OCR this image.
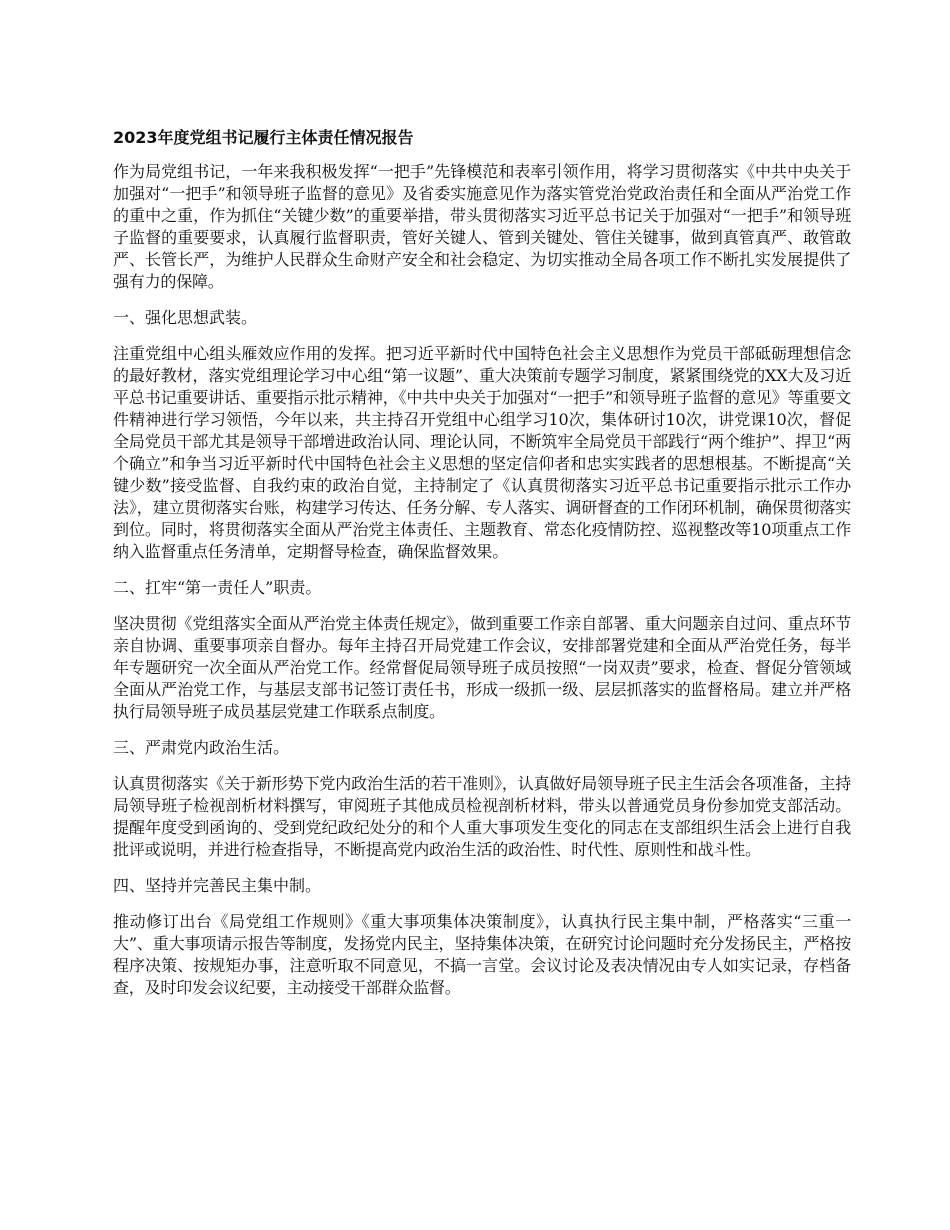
2023年度党组书记履行主体责任情况报告

作为局党组书记，一年来我积极发挥“一把手”先锋模范和表率引领作用，将学习贯彻落实《中共中央关于加强对“一把手”和领导班子监督的意见》及省委实施意见作为落实管党治党政治责任和全面从严治党工作的重中之重，作为抓住“关键少数”的重要举措，带头贯彻落实习近平总书记关于加强对“一把手”和领导班子监督的重要要求，认真履行监督职责，管好关键人、管到关键处、管住关键事，做到真管真严、敢管敢严、长管长严，为维护人民群众生命财产安全和社会稳定、为切实推动全局各项工作不断扎实发展提供了强有力的保障。

一、强化思想武装。

注重党组中心组头雁效应作用的发挥。把习近平新时代中国特色社会主义思想作为党员干部砥砺理想信念的最好教材，落实党组理论学习中心组“第一议题”、重大决策前专题学习制度，紧紧围绕党的XX大及习近平总书记重要讲话、重要指示批示精神，《中共中央关于加强对“一把手”和领导班子监督的意见》等重要文件精神进行学习领悟，今年以来，共主持召开党组中心组学习10次，集体研讨10次，讲党课10次，督促全局党员干部尤其是领导干部增进政治认同、理论认同，不断筑牢全局党员干部践行“两个维护”、捍卫“两个确立”和争当习近平新时代中国特色社会主义思想的坚定信仰者和忠实实践者的思想根基。不断提高“关键少数”接受监督、自我约束的政治自觉，主持制定了《认真贯彻落实习近平总书记重要指示批示工作办法》，建立贯彻落实台账，构建学习传达、任务分解、专人落实、调研督查的工作闭环机制，确保贯彻落实到位。同时，将贯彻落实全面从严治党主体责任、主题教育、常态化疫情防控、巡视整改等10项重点工作纳入监督重点任务清单，定期督导检查，确保监督效果。

二、扛牢“第一责任人”职责。

坚决贯彻《党组落实全面从严治党主体责任规定》，做到重要工作亲自部署、重大问题亲自过问、重点环节亲自协调、重要事项亲自督办。每年主持召开局党建工作会议，安排部署党建和全面从严治党任务，每半年专题研究一次全面从严治党工作。经常督促局领导班子成员按照“一岗双责”要求，检查、督促分管领域全面从严治党工作，与基层支部书记签订责任书，形成一级抓一级、层层抓落实的监督格局。建立并严格执行局领导班子成员基层党建工作联系点制度。

三、严肃党内政治生活。

认真贯彻落实《关于新形势下党内政治生活的若干准则》，认真做好局领导班子民主生活会各项准备，主持局领导班子检视剖析材料撰写，审阅班子其他成员检视剖析材料，带头以普通党员身份参加党支部活动。提醒年度受到函询的、受到党纪政纪处分的和个人重大事项发生变化的同志在支部组织生活会上进行自我批评或说明，并进行检查指导，不断提高党内政治生活的政治性、时代性、原则性和战斗性。

四、坚持并完善民主集中制。

推动修订出台《局党组工作规则》《重大事项集体决策制度》，认真执行民主集中制，严格落实“三重一大”、重大事项请示报告等制度，发扬党内民主，坚持集体决策，在研究讨论问题时充分发扬民主，严格按程序决策、按规矩办事，注意听取不同意见，不搞一言堂。会议讨论及表决情况由专人如实记录，存档备查，及时印发会议纪要，主动接受干部群众监督。
